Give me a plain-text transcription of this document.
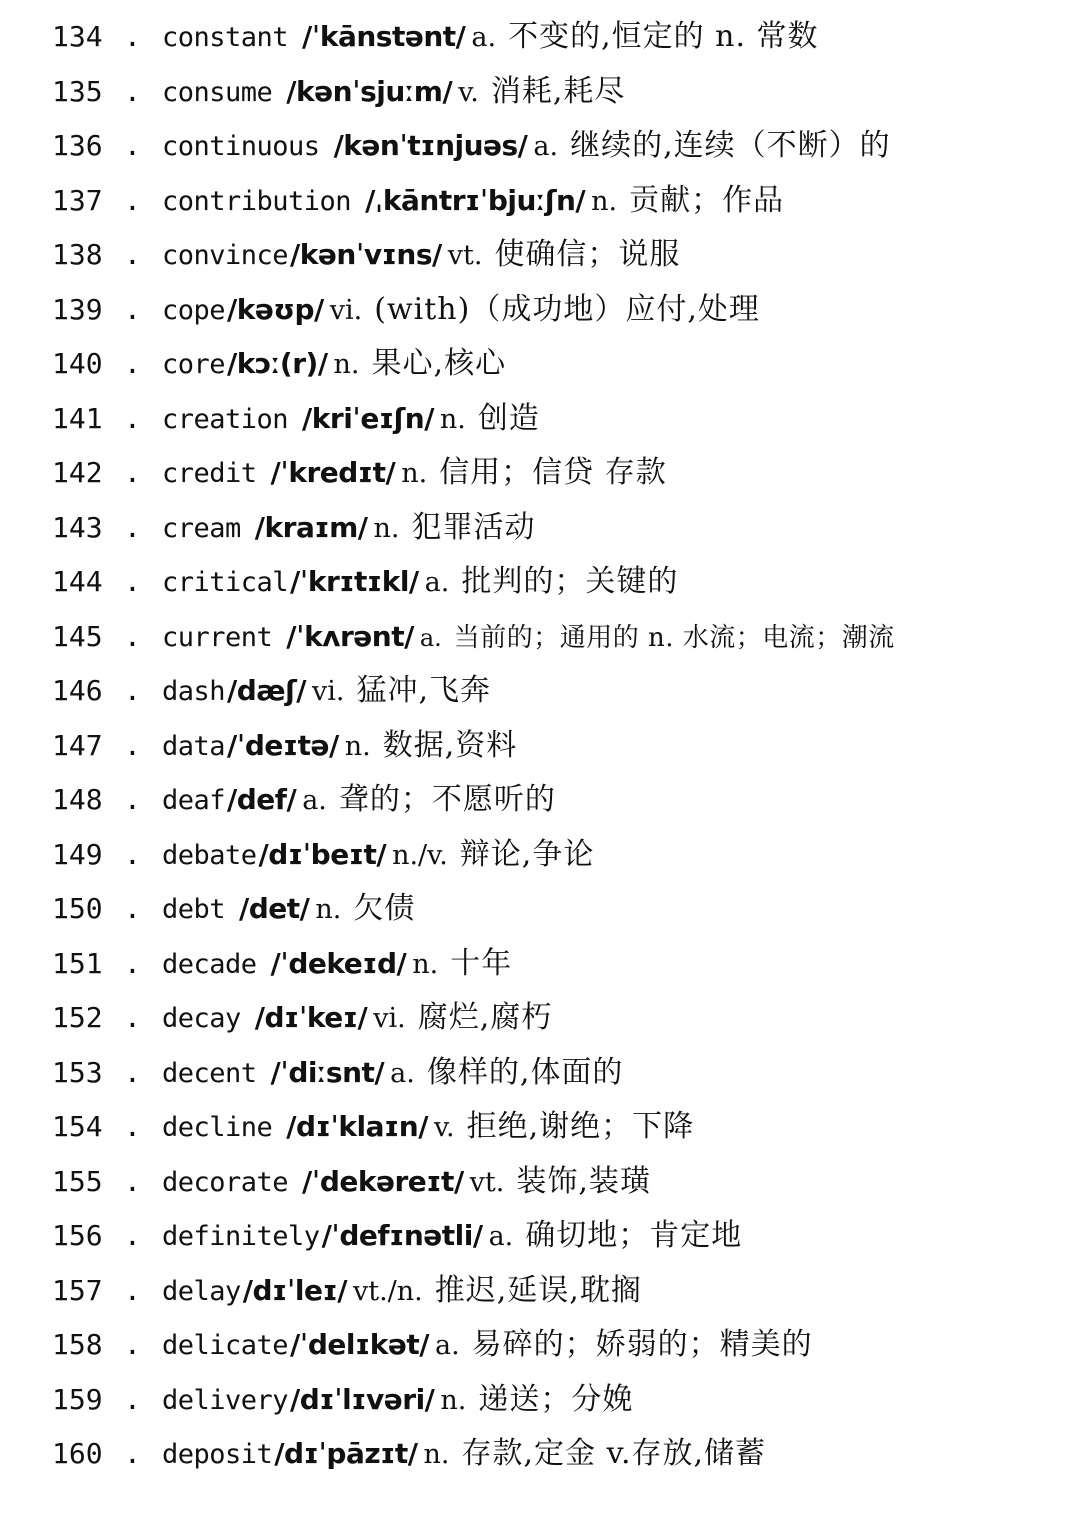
134 . constant /ˈkānstənt/ a. 不变的,恒定的 n. 常数
135 . consume /kənˈsjuːm/ v. 消耗,耗尽
136 . continuous /kənˈtɪnjuəs/ a. 继续的,连续（不断）的
137 . contribution /ˌkāntrɪˈbjuːʃn/ n. 贡献；作品
138 . convince/kənˈvɪns/ vt. 使确信；说服
139 . cope/kəʊp/ vi. (with)（成功地）应付,处理
140 . core/kɔː(r)/ n. 果心,核心
141 . creation /kriˈeɪʃn/ n. 创造
142 . credit /ˈkredɪt/ n. 信用；信贷 存款
143 . cream /kraɪm/ n. 犯罪活动
144 . critical/ˈkrɪtɪkl/ a. 批判的；关键的
145 . current /ˈkʌrənt/ a. 当前的；通用的 n. 水流；电流；潮流
146 . dash/dæʃ/ vi. 猛冲,飞奔
147 . data/ˈdeɪtə/ n. 数据,资料
148 . deaf/def/ a. 聋的；不愿听的
149 . debate/dɪˈbeɪt/ n./v. 辩论,争论
150 . debt /det/ n. 欠债
151 . decade /ˈdekeɪd/ n. 十年
152 . decay /dɪˈkeɪ/ vi. 腐烂,腐朽
153 . decent /ˈdiːsnt/ a. 像样的,体面的
154 . decline /dɪˈklaɪn/ v. 拒绝,谢绝；下降
155 . decorate /ˈdekəreɪt/ vt. 装饰,装璜
156 . definitely/ˈdefɪnətli/ a. 确切地；肯定地
157 . delay/dɪˈleɪ/ vt./n. 推迟,延误,耽搁
158 . delicate/ˈdelɪkət/ a. 易碎的；娇弱的；精美的
159 . delivery/dɪˈlɪvəri/ n. 递送；分娩
160 . deposit/dɪˈpāzɪt/ n. 存款,定金 v.存放,储蓄
